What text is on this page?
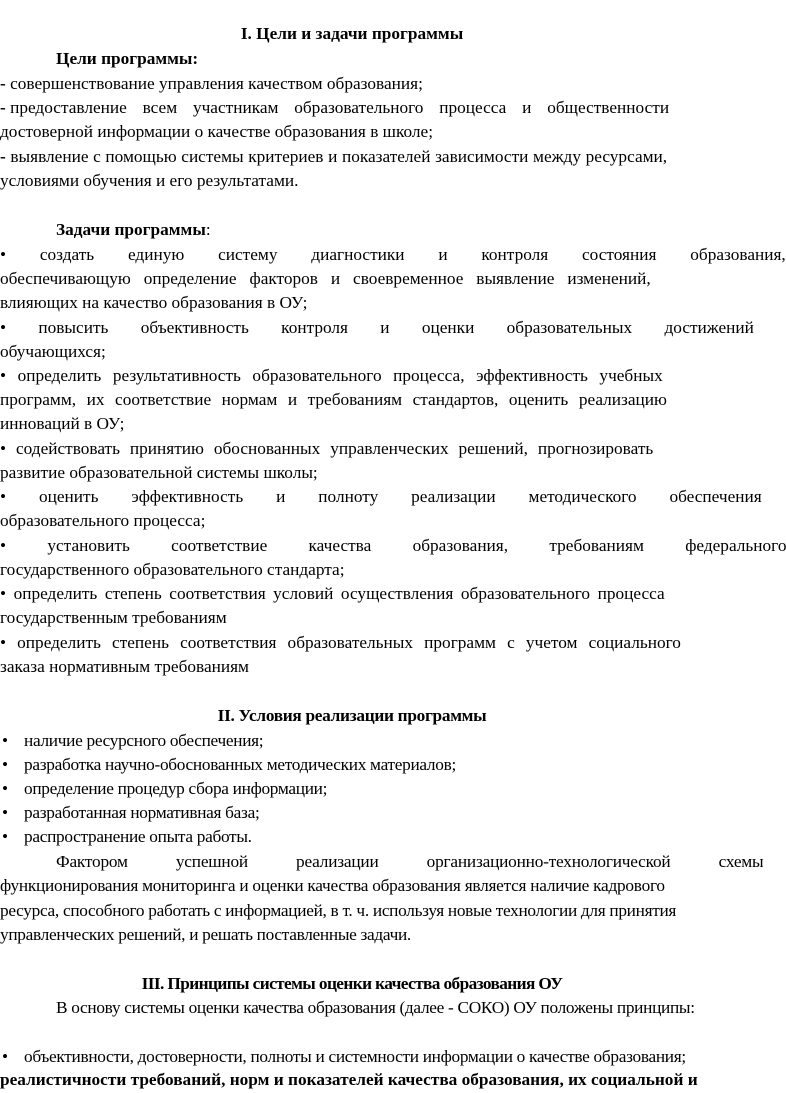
I. Цели и задачи программы
Цели программы:
- совершенствование управления качеством образования;
- предоставление всем участникам образовательного процесса и общественности
достоверной информации о качестве образования в школе;
- выявление с помощью системы критериев и показателей зависимости между ресурсами,
условиями обучения и его результатами.
Задачи программы:
• создать единую систему диагностики и контроля состояния образования,
обеспечивающую определение факторов и своевременное выявление изменений,
влияющих на качество образования в ОУ;
• повысить объективность контроля и оценки образовательных достижений
обучающихся;
• определить результативность образовательного процесса, эффективность учебных
программ, их соответствие нормам и требованиям стандартов, оценить реализацию
инноваций в ОУ;
• содействовать принятию обоснованных управленческих решений, прогнозировать
развитие образовательной системы школы;
• оценить эффективность и полноту реализации методического обеспечения
образовательного процесса;
• установить соответствие качества образования, требованиям федерального
государственного образовательного стандарта;
• определить степень соответствия условий осуществления образовательного процесса
государственным требованиям
• определить степень соответствия образовательных программ с учетом социального
заказа нормативным требованиям
II. Условия реализации программы
• наличие ресурсного обеспечения;
• разработка научно-обоснованных методических материалов;
• определение процедур сбора информации;
• разработанная нормативная база;
• распространение опыта работы.
Фактором успешной реализации организационно-технологической схемы
функционирования мониторинга и оценки качества образования является наличие кадрового
ресурса, способного работать с информацией, в т. ч. используя новые технологии для принятия
управленческих решений, и решать поставленные задачи.
III. Принципы системы оценки качества образования ОУ
В основу системы оценки качества образования (далее - СОКО) ОУ положены принципы:
• объективности, достоверности, полноты и системности информации о качестве образования;
реалистичности требований, норм и показателей качества образования, их социальной и
